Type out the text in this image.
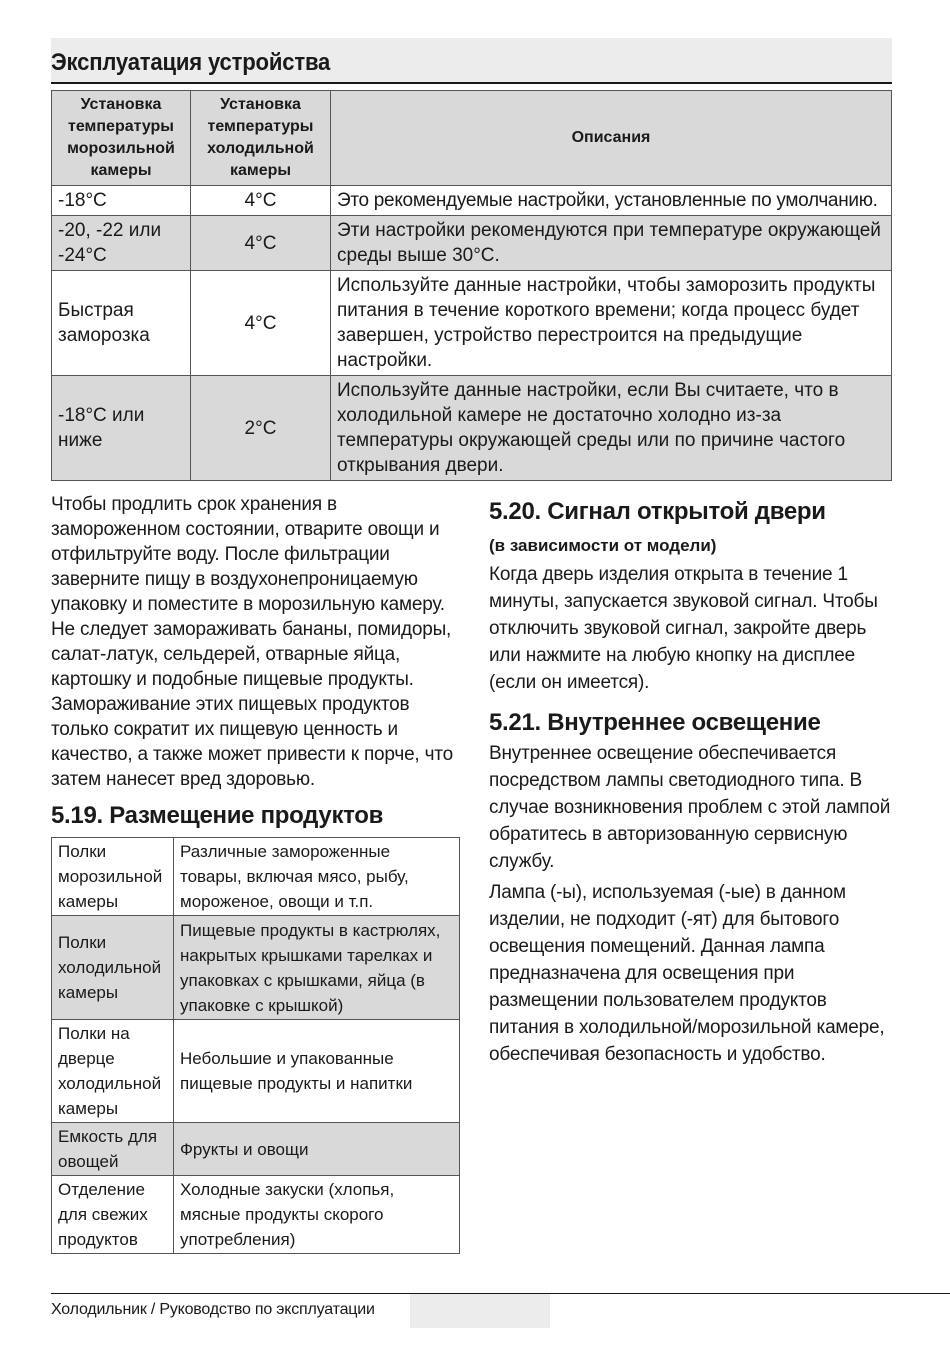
Эксплуатация устройства
Установка температуры морозильной камеры	Установка температуры холодильной камеры	Описания
-18°C	4°C	Это рекомендуемые настройки, установленные по умолчанию.
-20, -22 или -24°C	4°C	Эти настройки рекомендуются при температуре окружающей среды выше 30°C.
Быстрая заморозка	4°C	Используйте данные настройки, чтобы заморозить продукты питания в течение короткого времени; когда процесс будет завершен, устройство перестроится на предыдущие настройки.
-18°C или ниже	2°C	Используйте данные настройки, если Вы считаете, что в холодильной камере не достаточно холодно из-за температуры окружающей среды или по причине частого открывания двери.
Чтобы продлить срок хранения в замороженном состоянии, отварите овощи и отфильтруйте воду. После фильтрации заверните пищу в воздухонепроницаемую упаковку и поместите в морозильную камеру. Не следует замораживать бананы, помидоры, салат-латук, сельдерей, отварные яйца, картошку и подобные пищевые продукты. Замораживание этих пищевых продуктов только сократит их пищевую ценность и качество, а также может привести к порче, что затем нанесет вред здоровью.
5.19. Размещение продуктов
Полки морозильной камеры	Различные замороженные товары, включая мясо, рыбу, мороженое, овощи и т.п.
Полки холодильной камеры	Пищевые продукты в кастрюлях, накрытых крышками тарелках и упаковках с крышками, яйца (в упаковке с крышкой)
Полки на дверце холодильной камеры	Небольшие и упакованные пищевые продукты и напитки
Емкость для овощей	Фрукты и овощи
Отделение для свежих продуктов	Холодные закуски (хлопья, мясные продукты скорого употребления)
5.20. Сигнал открытой двери
(в зависимости от модели)
Когда дверь изделия открыта в течение 1 минуты, запускается звуковой сигнал. Чтобы отключить звуковой сигнал, закройте дверь или нажмите на любую кнопку на дисплее (если он имеется).
5.21. Внутреннее освещение
Внутреннее освещение обеспечивается посредством лампы светодиодного типа. В случае возникновения проблем с этой лампой обратитесь в авторизованную сервисную службу.
Лампа (-ы), используемая (-ые) в данном изделии, не подходит (-ят) для бытового освещения помещений. Данная лампа предназначена для освещения при размещении пользователем продуктов питания в холодильной/морозильной камере, обеспечивая безопасность и удобство.
Холодильник / Руководство по эксплуатации
